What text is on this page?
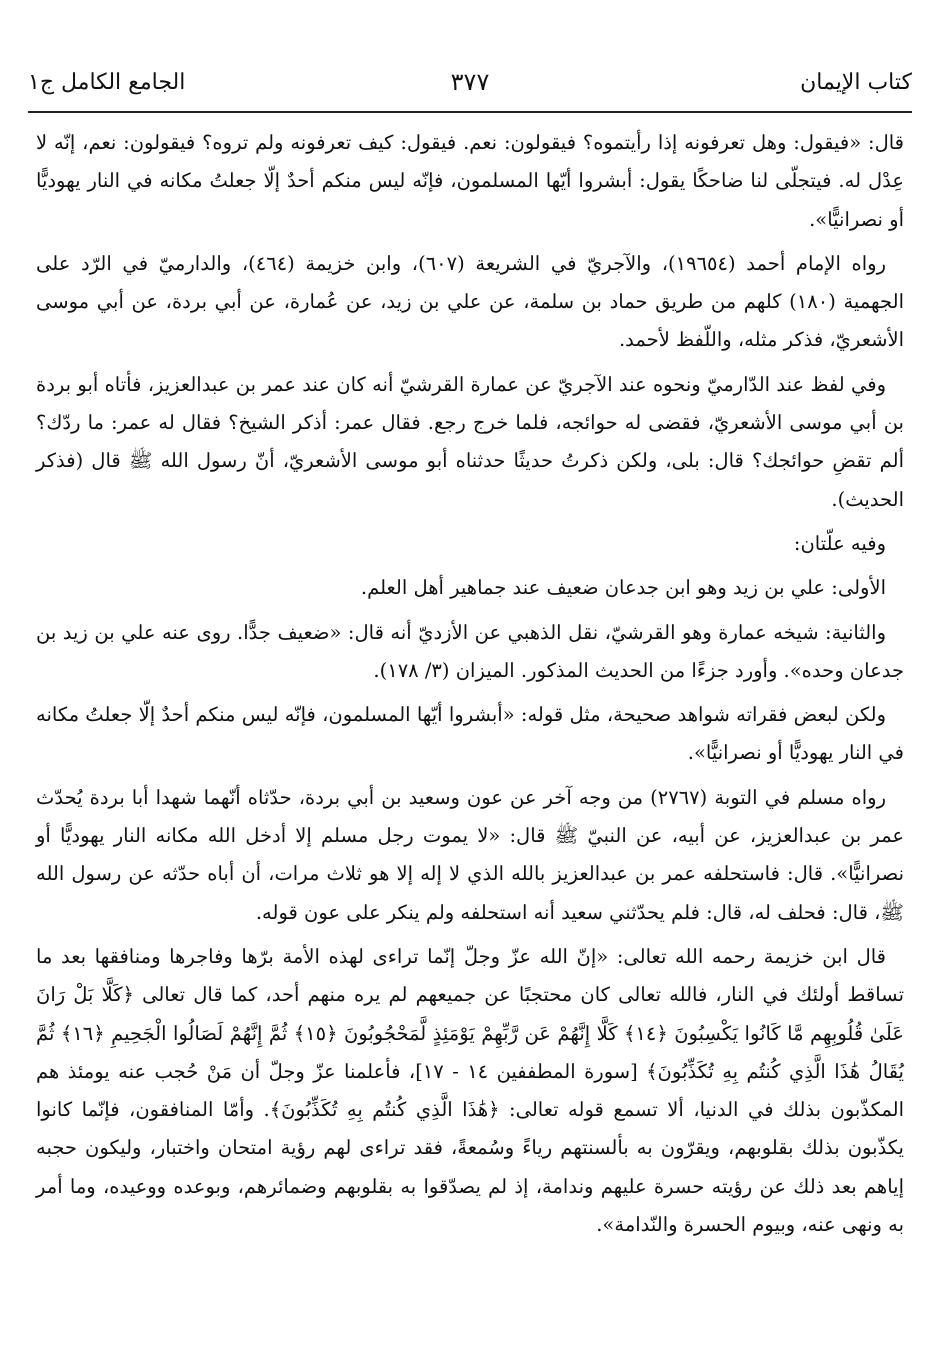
كتاب الإيمان
٣٧٧
الجامع الكامل ج١

قال: «فيقول: وهل تعرفونه إذا رأيتموه؟ فيقولون: نعم. فيقول: كيف تعرفونه ولم تروه؟ فيقولون: نعم، إنّه لا عِدْل له. فيتجلّى لنا ضاحكًا يقول: أبشروا أيّها المسلمون، فإنّه ليس منكم أحدٌ إلّا جعلتُ مكانه في النار يهوديًّا أو نصرانيًّا».

رواه الإمام أحمد (١٩٦٥٤)، والآجريّ في الشريعة (٦٠٧)، وابن خزيمة (٤٦٤)، والدارميّ في الرّد على الجهمية (١٨٠) كلهم من طريق حماد بن سلمة، عن علي بن زيد، عن عُمارة، عن أبي بردة، عن أبي موسى الأشعريّ، فذكر مثله، واللّفظ لأحمد.

وفي لفظ عند الدّارميّ ونحوه عند الآجريّ عن عمارة القرشيّ أنه كان عند عمر بن عبدالعزيز، فأتاه أبو بردة بن أبي موسى الأشعريّ، فقضى له حوائجه، فلما خرج رجع. فقال عمر: أذكر الشيخ؟ فقال له عمر: ما ردّك؟ ألم تقضِ حوائجك؟ قال: بلى، ولكن ذكرتُ حديثًا حدثناه أبو موسى الأشعريّ، أنّ رسول الله ﷺ قال (فذكر الحديث).

وفيه علّتان:

الأولى: علي بن زيد وهو ابن جدعان ضعيف عند جماهير أهل العلم.

والثانية: شيخه عمارة وهو القرشيّ، نقل الذهبي عن الأزديّ أنه قال: «ضعيف جدًّا. روى عنه علي بن زيد بن جدعان وحده». وأورد جزءًا من الحديث المذكور. الميزان (٣/ ١٧٨).

ولكن لبعض فقراته شواهد صحيحة، مثل قوله: «أبشروا أيّها المسلمون، فإنّه ليس منكم أحدٌ إلّا جعلتُ مكانه في النار يهوديًّا أو نصرانيًّا».

رواه مسلم في التوبة (٢٧٦٧) من وجه آخر عن عون وسعيد بن أبي بردة، حدّثاه أنّهما شهدا أبا بردة يُحدّث عمر بن عبدالعزيز، عن أبيه، عن النبيّ ﷺ قال: «لا يموت رجل مسلم إلا أدخل الله مكانه النار يهوديًّا أو نصرانيًّا». قال: فاستحلفه عمر بن عبدالعزيز بالله الذي لا إله إلا هو ثلاث مرات، أن أباه حدّثه عن رسول الله ﷺ، قال: فحلف له، قال: فلم يحدّثني سعيد أنه استحلفه ولم ينكر على عون قوله.

قال ابن خزيمة رحمه الله تعالى: «إنّ الله عزّ وجلّ إنّما تراءى لهذه الأمة برّها وفاجرها ومنافقها بعد ما تساقط أولئك في النار، فالله تعالى كان محتجبًا عن جميعهم لم يره منهم أحد، كما قال تعالى ﴿كَلَّا بَلْ رَانَ عَلَىٰ قُلُوبِهِم مَّا كَانُوا يَكْسِبُونَ ﴿١٤﴾ كَلَّا إِنَّهُمْ عَن رَّبِّهِمْ يَوْمَئِذٍ لَّمَحْجُوبُونَ ﴿١٥﴾ ثُمَّ إِنَّهُمْ لَصَالُوا الْجَحِيمِ ﴿١٦﴾ ثُمَّ يُقَالُ هَٰذَا الَّذِي كُنتُم بِهِ تُكَذِّبُونَ﴾ [سورة المطففين ١٤ - ١٧]، فأعلمنا عزّ وجلّ أن مَنْ حُجب عنه يومئذ هم المكذّبون بذلك في الدنيا، ألا تسمع قوله تعالى: ﴿هَٰذَا الَّذِي كُنتُم بِهِ تُكَذِّبُونَ﴾. وأمّا المنافقون، فإنّما كانوا يكذّبون بذلك بقلوبهم، ويقرّون به بألسنتهم رياءً وسُمعةً، فقد تراءى لهم رؤية امتحان واختبار، وليكون حجبه إياهم بعد ذلك عن رؤيته حسرة عليهم وندامة، إذ لم يصدّقوا به بقلوبهم وضمائرهم، وبوعده ووعيده، وما أمر به ونهى عنه، وبيوم الحسرة والنّدامة».
